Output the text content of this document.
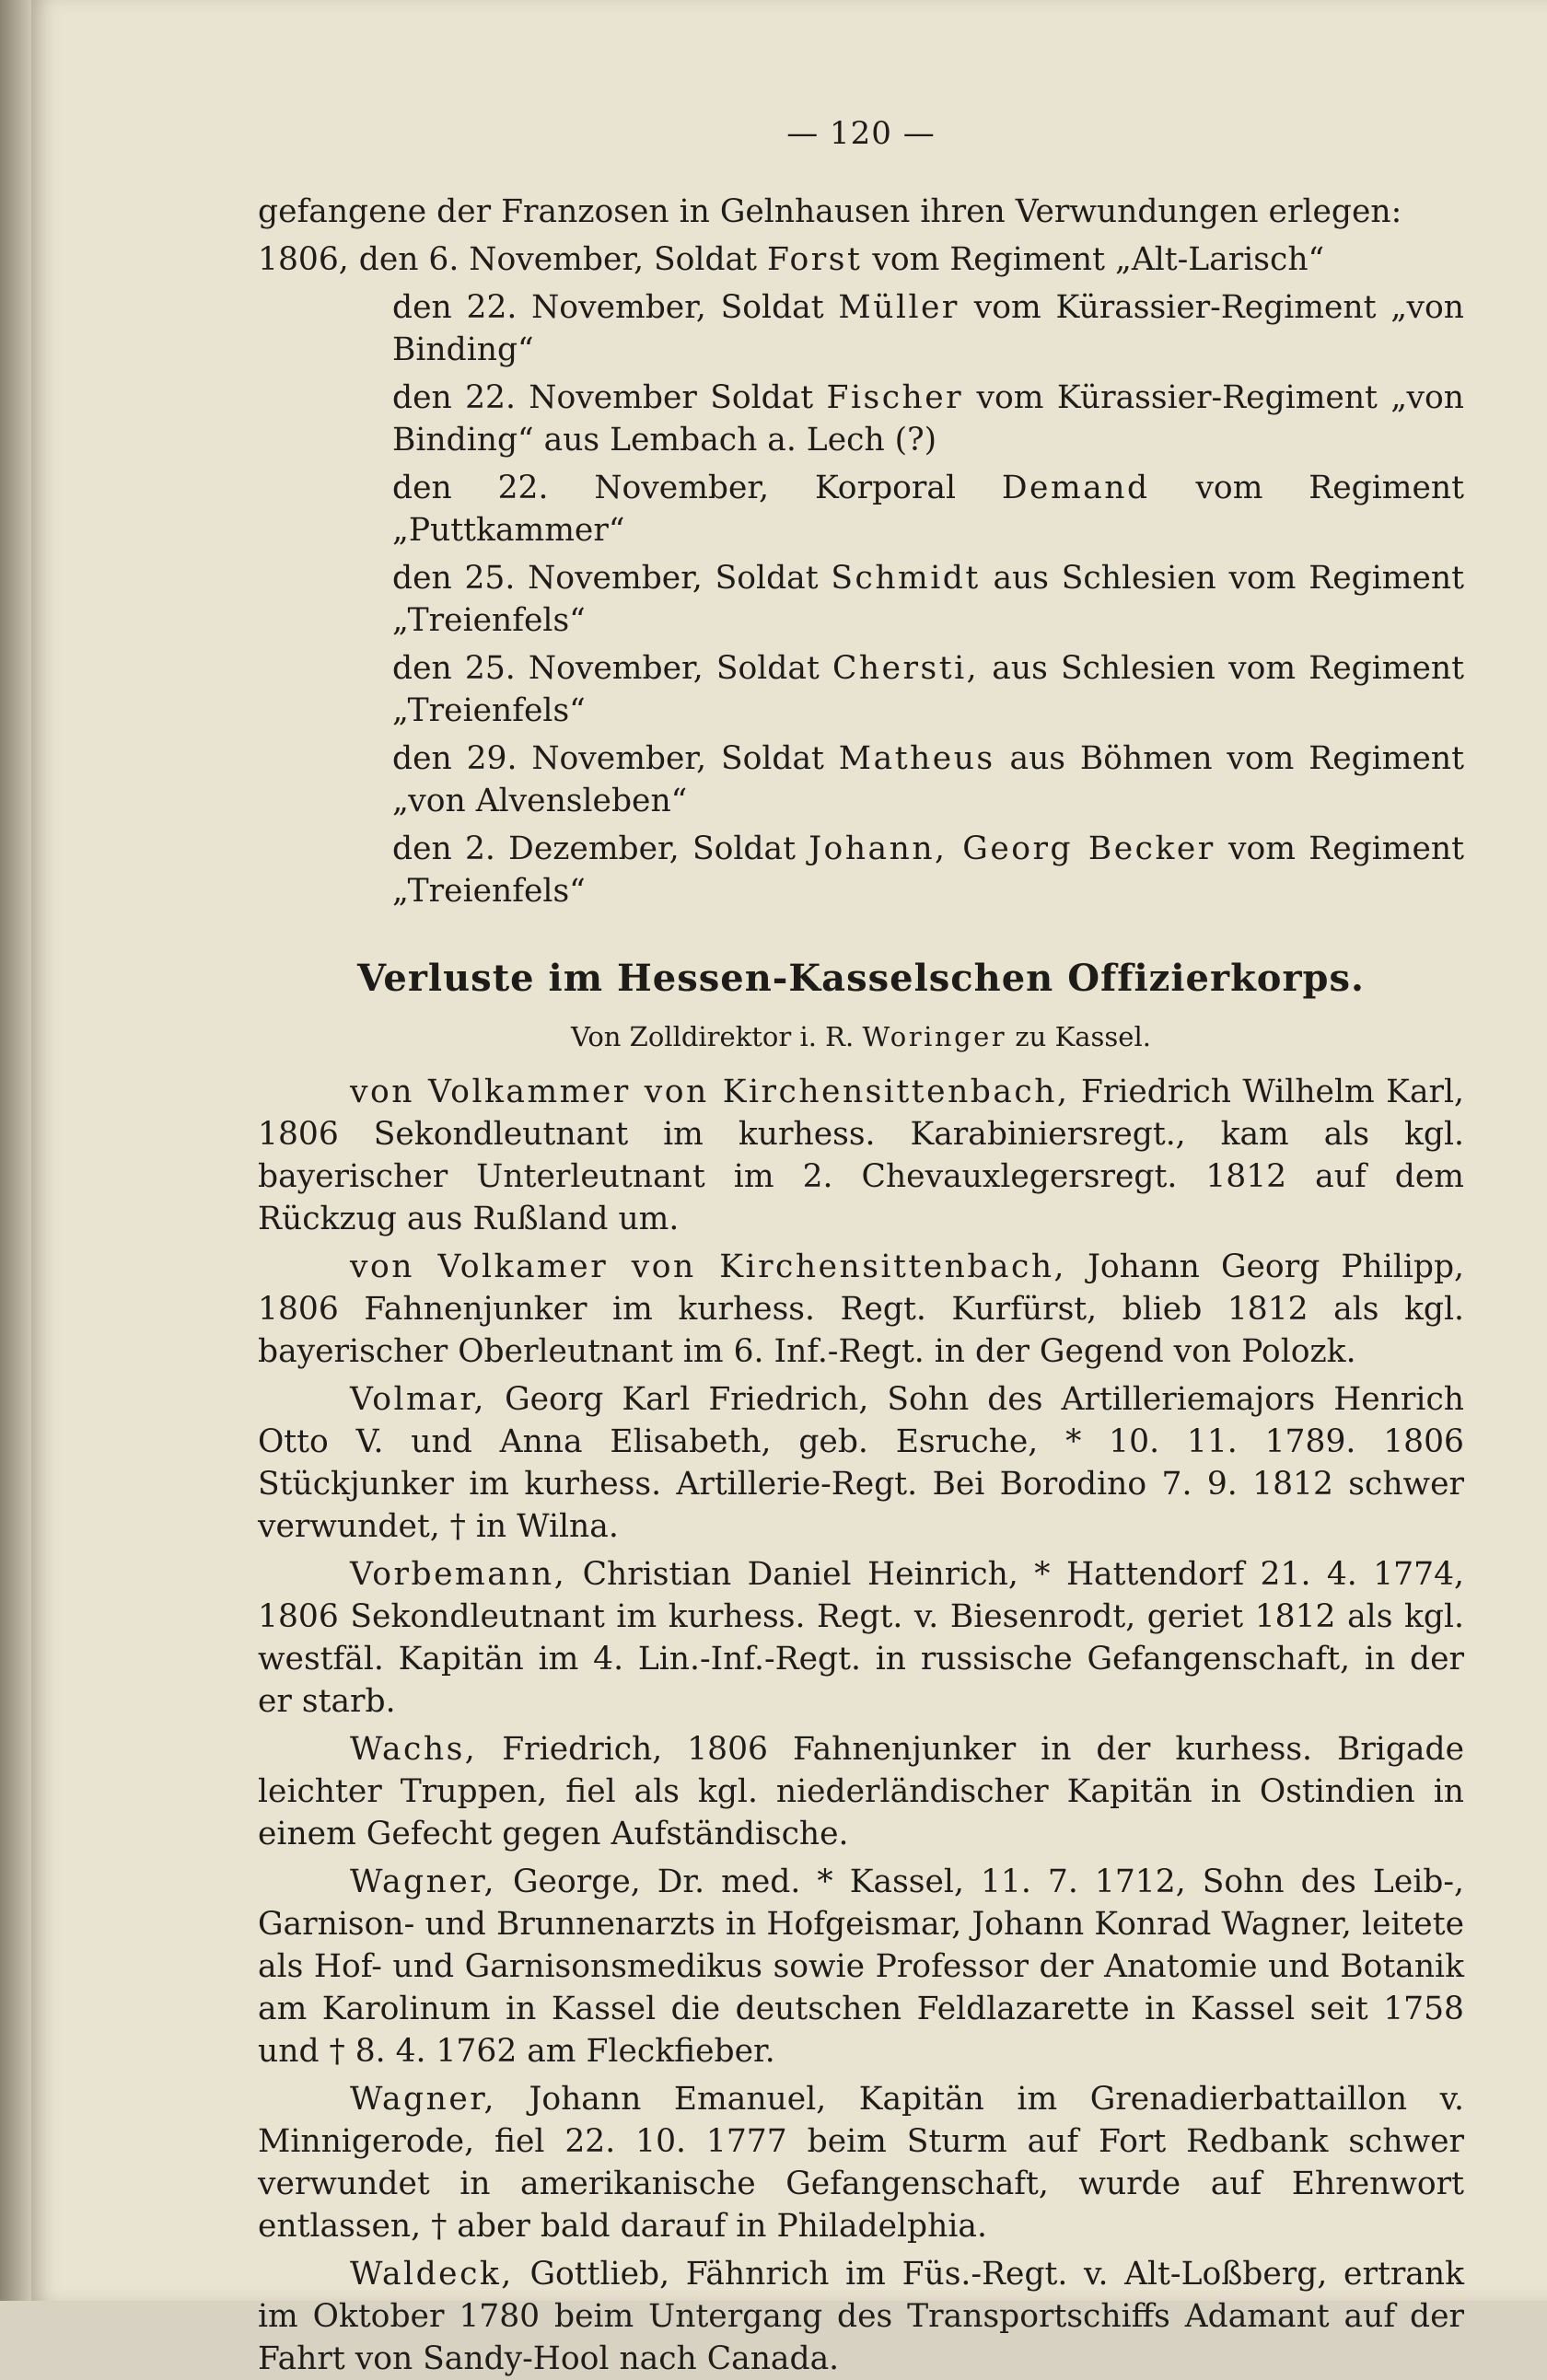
— 120 —

gefangene der Franzosen in Gelnhausen ihren Verwundungen erlegen:

1806, den 6. November, Soldat Forst vom Regiment „Alt-Larisch“

den 22. November, Soldat Müller vom Kürassier-Regiment „von Binding“

den 22. November Soldat Fischer vom Kürassier-Regiment „von Binding“ aus Lembach a. Lech (?)

den 22. November, Korporal Demand vom Regiment „Puttkammer“

den 25. November, Soldat Schmidt aus Schlesien vom Regiment „Treienfels“

den 25. November, Soldat Chersti, aus Schlesien vom Regiment „Treienfels“

den 29. November, Soldat Matheus aus Böhmen vom Regiment „von Alvensleben“

den 2. Dezember, Soldat Johann, Georg Becker vom Regiment „Treienfels“

Verluste im Hessen-Kasselschen Offizierkorps.
Von Zolldirektor i. R. Woringer zu Kassel.

von Volkammer von Kirchensittenbach, Friedrich Wilhelm Karl, 1806 Sekondleutnant im kurhess. Karabiniersregt., kam als kgl. bayerischer Unterleutnant im 2. Chevauxlegersregt. 1812 auf dem Rückzug aus Rußland um.

von Volkamer von Kirchensittenbach, Johann Georg Philipp, 1806 Fahnenjunker im kurhess. Regt. Kurfürst, blieb 1812 als kgl. bayerischer Oberleutnant im 6. Inf.-Regt. in der Gegend von Polozk.

Volmar, Georg Karl Friedrich, Sohn des Artilleriemajors Henrich Otto V. und Anna Elisabeth, geb. Esruche, * 10. 11. 1789. 1806 Stückjunker im kurhess. Artillerie-Regt. Bei Borodino 7. 9. 1812 schwer verwundet, † in Wilna.

Vorbemann, Christian Daniel Heinrich, * Hattendorf 21. 4. 1774, 1806 Sekondleutnant im kurhess. Regt. v. Biesenrodt, geriet 1812 als kgl. westfäl. Kapitän im 4. Lin.-Inf.-Regt. in russische Gefangenschaft, in der er starb.

Wachs, Friedrich, 1806 Fahnenjunker in der kurhess. Brigade leichter Truppen, fiel als kgl. niederländischer Kapitän in Ostindien in einem Gefecht gegen Aufständische.

Wagner, George, Dr. med. * Kassel, 11. 7. 1712, Sohn des Leib-, Garnison- und Brunnenarzts in Hofgeismar, Johann Konrad Wagner, leitete als Hof- und Garnisonsmedikus sowie Professor der Anatomie und Botanik am Karolinum in Kassel die deutschen Feldlazarette in Kassel seit 1758 und † 8. 4. 1762 am Fleckfieber.

Wagner, Johann Emanuel, Kapitän im Grenadierbattaillon v. Minnigerode, fiel 22. 10. 1777 beim Sturm auf Fort Redbank schwer verwundet in amerikanische Gefangenschaft, wurde auf Ehrenwort entlassen, † aber bald darauf in Philadelphia.

Waldeck, Gottlieb, Fähnrich im Füs.-Regt. v. Alt-Loßberg, ertrank im Oktober 1780 beim Untergang des Transportschiffs Adamant auf der Fahrt von Sandy-Hool nach Canada.
